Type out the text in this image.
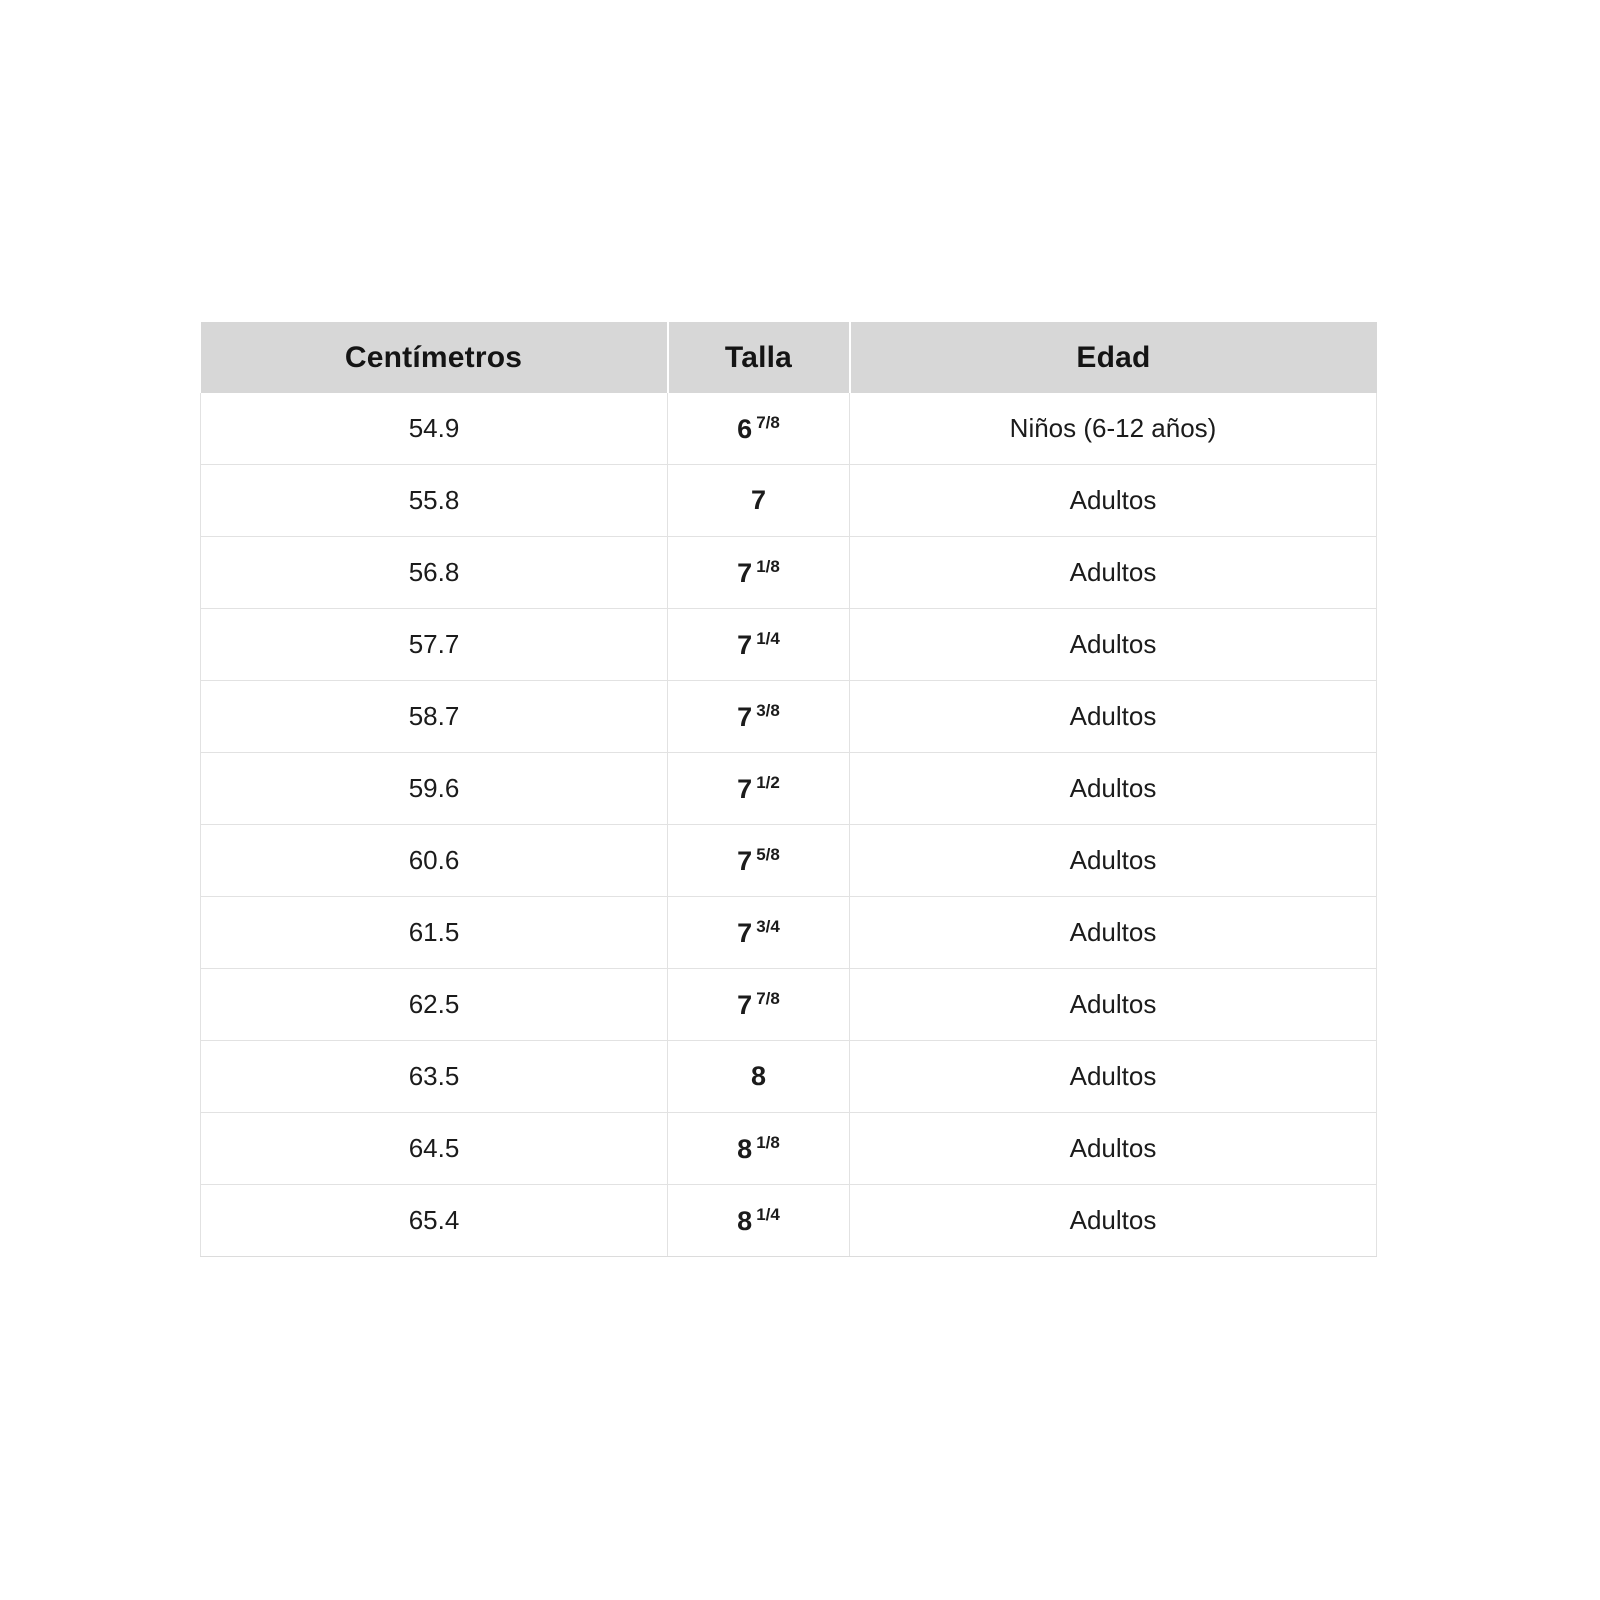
Centímetros	Talla	Edad
54.9	6 $^{7/8}$	Niños (6-12 años)
55.8	7	Adultos
56.8	7 $^{1/8}$	Adultos
57.7	7 $^{1/4}$	Adultos
58.7	7 $^{3/8}$	Adultos
59.6	7 $^{1/2}$	Adultos
60.6	7 $^{5/8}$	Adultos
61.5	7 $^{3/4}$	Adultos
62.5	7 $^{7/8}$	Adultos
63.5	8	Adultos
64.5	8 $^{1/8}$	Adultos
65.4	8 $^{1/4}$	Adultos
